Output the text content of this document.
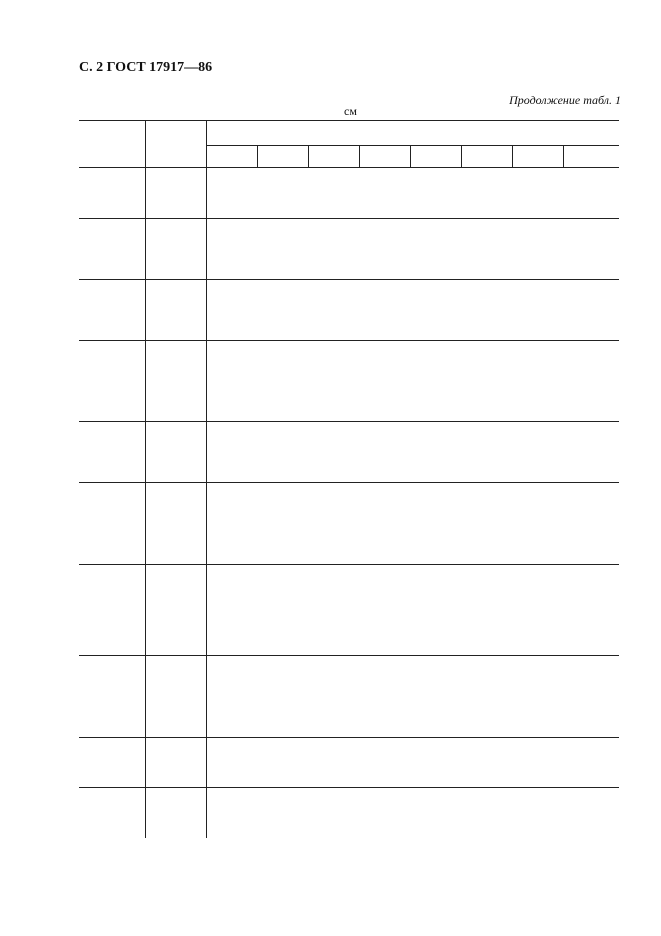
С. 2 ГОСТ 17917—86
Продолжение табл. 1
см
